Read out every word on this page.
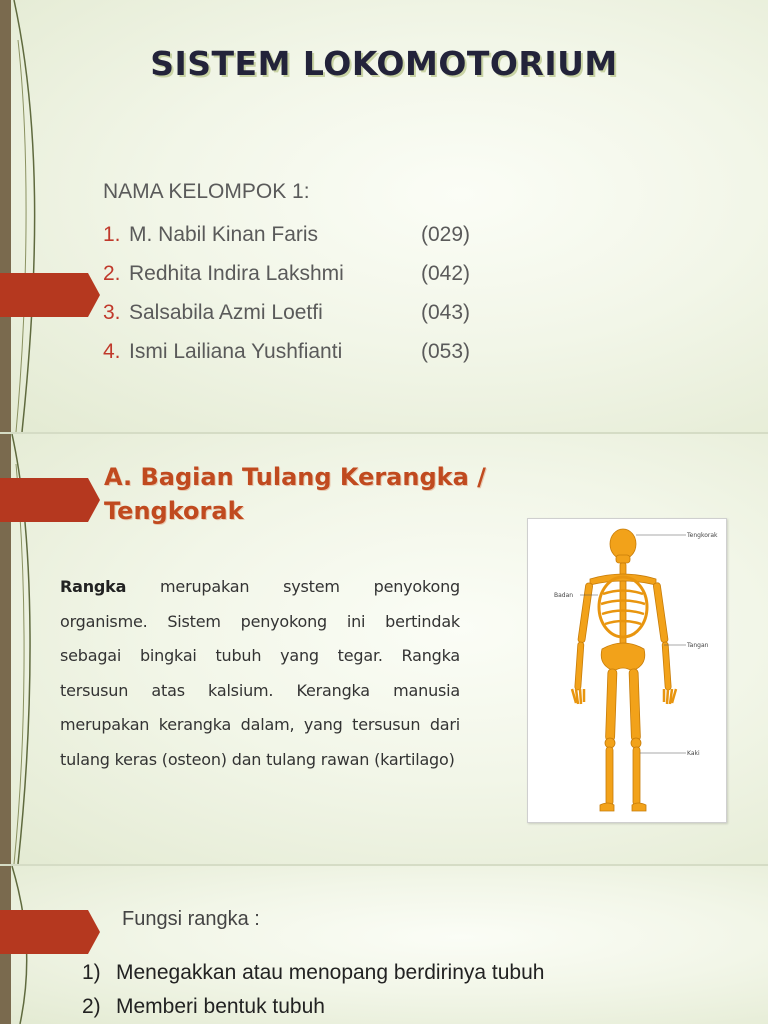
SISTEM LOKOMOTORIUM
NAMA KELOMPOK 1:
1. M. Nabil Kinan Faris	(029)
2. Redhita Indira Lakshmi	(042)
3. Salsabila Azmi Loetfi	(043)
4. Ismi Lailiana Yushfianti	(053)
A. Bagian Tulang Kerangka / Tengkorak
Rangka merupakan system penyokong organisme. Sistem penyokong ini bertindak sebagai bingkai tubuh yang tegar. Rangka tersusun atas kalsium. Kerangka manusia merupakan kerangka dalam, yang tersusun dari tulang keras (osteon) dan tulang rawan (kartilago)
Tengkorak
Badan
Tangan
Kaki
Fungsi rangka :
1) Menegakkan atau menopang berdirinya tubuh
2) Memberi bentuk tubuh
